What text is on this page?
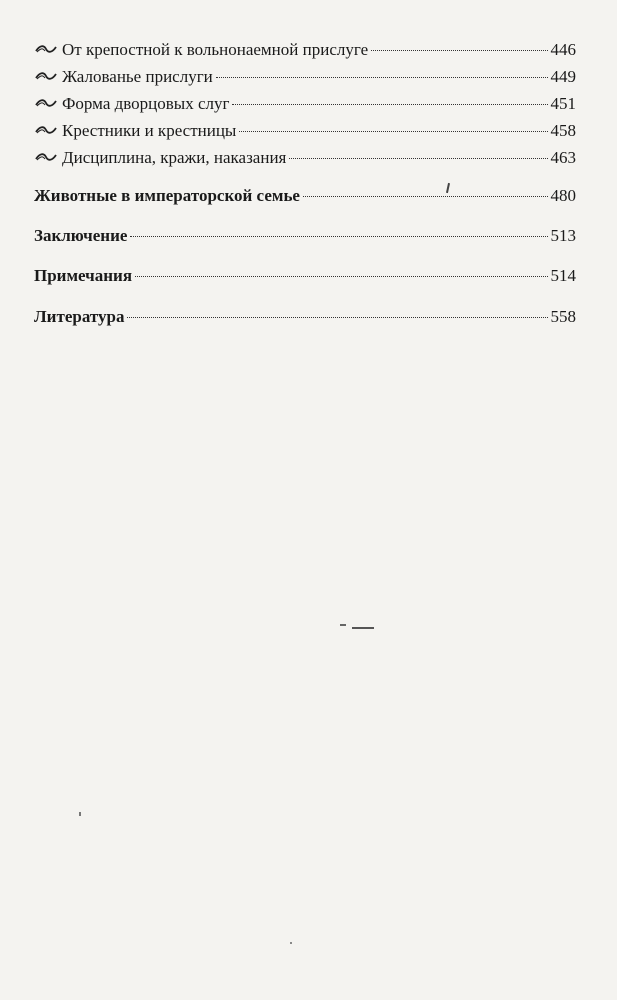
От крепостной к вольнонаемной прислуге	446
Жалованье прислуги	449
Форма дворцовых слуг	451
Крестники и крестницы	458
Дисциплина, кражи, наказания	463
Животные в императорской семье	480
Заключение	513
Примечания	514
Литература	558
